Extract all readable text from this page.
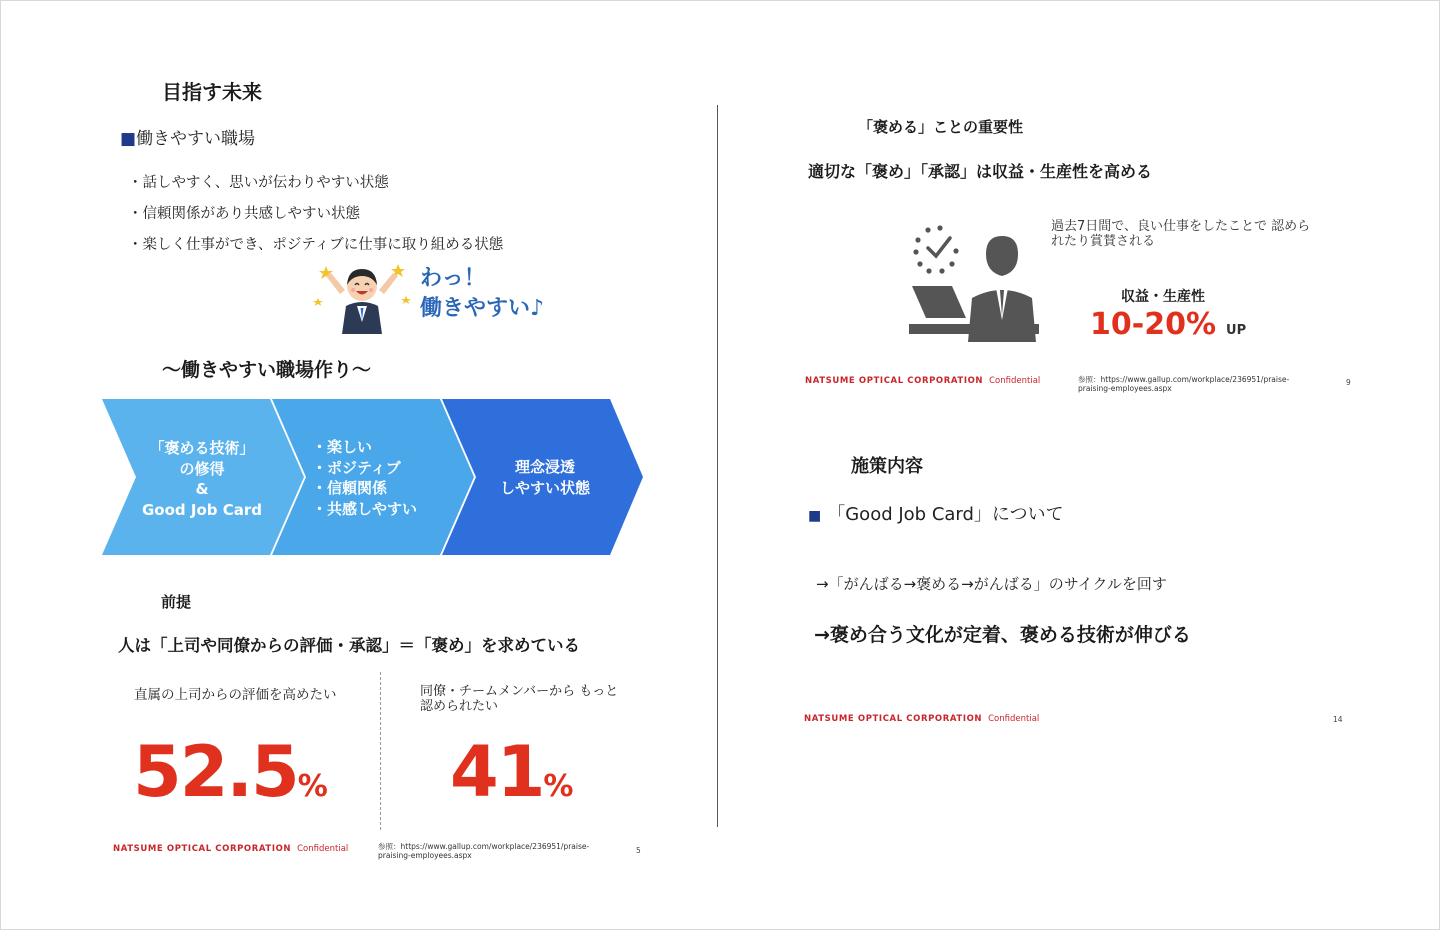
目指す未来
■働きやすい職場
・話しやすく、思いが伝わりやすい状態
・信頼関係があり共感しやすい状態
・楽しく仕事ができ、ポジティブに仕事に取り組める状態
わっ！
働きやすい♪
～働きやすい職場作り～
「褒める技術」
の修得
&
Good Job Card
・楽しい
・ポジティブ
・信頼関係
・共感しやすい
理念浸透
しやすい状態
前提
人は「上司や同僚からの評価・承認」＝「褒め」を求めている
直属の上司からの評価を高めたい	同僚・チームメンバーから もっと認められたい
52.5% 41%
NATSUME OPTICAL CORPORATION Confidential	参照：https://www.gallup.com/workplace/236951/praise-praising-employees.aspx
5
「褒める」ことの重要性
適切な「褒め」「承認」は収益・生産性を高める
過去7日間で、良い仕事をしたことで 認められたり賞賛される
収益・生産性
10-20% UP
NATSUME OPTICAL CORPORATION Confidential	参照：https://www.gallup.com/workplace/236951/praise-praising-employees.aspx
9
施策内容
■ 「Good Job Card」について
→「がんばる→褒める→がんばる」のサイクルを回す
→褒め合う文化が定着、褒める技術が伸びる
NATSUME OPTICAL CORPORATION Confidential	14
